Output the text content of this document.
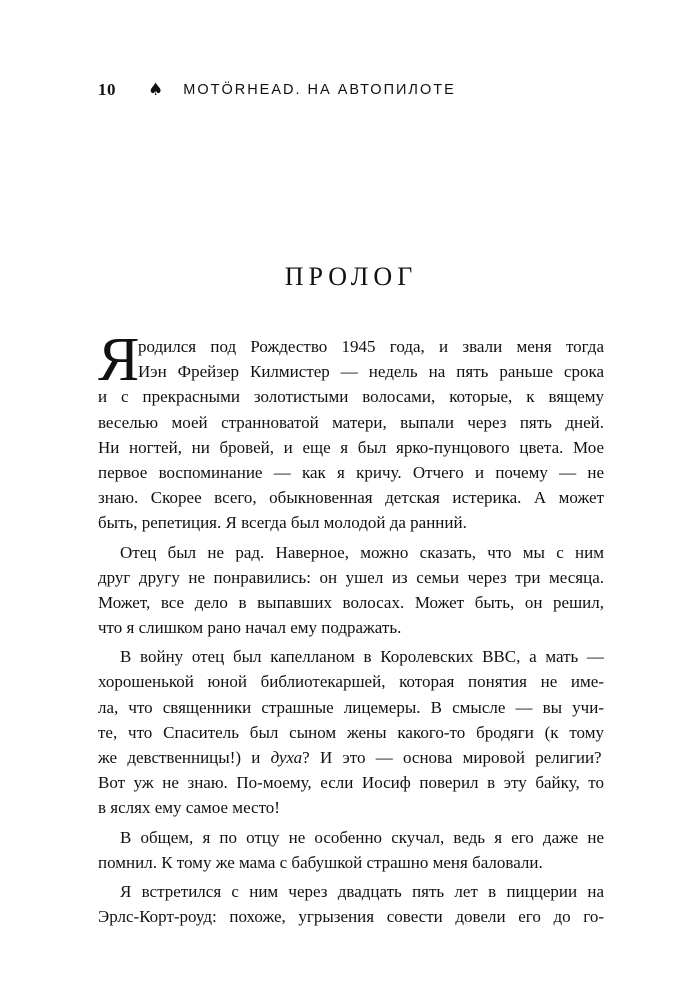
10 ♠ MOTÖRHEAD. НА АВТОПИЛОТЕ
ПРОЛОГ
Я
родился под Рождество 1945 года, и звали меня тогда
Иэн Фрейзер Килмистер — недель на пять раньше срока
и с прекрасными золотистыми волосами, которые, к вящему
веселью моей странноватой матери, выпали через пять дней.
Ни ногтей, ни бровей, и еще я был ярко-пунцового цвета. Мое
первое воспоминание — как я кричу. Отчего и почему — не
знаю. Скорее всего, обыкновенная детская истерика. А может
быть, репетиция. Я всегда был молодой да ранний.
Отец был не рад. Наверное, можно сказать, что мы с ним
друг другу не понравились: он ушел из семьи через три месяца.
Может, все дело в выпавших волосах. Может быть, он решил,
что я слишком рано начал ему подражать.
В войну отец был капелланом в Королевских ВВС, а мать —
хорошенькой юной библиотекаршей, которая понятия не име-
ла, что священники страшные лицемеры. В смысле — вы учи-
те, что Спаситель был сыном жены какого-то бродяги (к тому
же девственницы!) и духа? И это — основа мировой религии?
Вот уж не знаю. По-моему, если Иосиф поверил в эту байку, то
в яслях ему самое место!
В общем, я по отцу не особенно скучал, ведь я его даже не
помнил. К тому же мама с бабушкой страшно меня баловали.
Я встретился с ним через двадцать пять лет в пиццерии на
Эрлс-Корт-роуд: похоже, угрызения совести довели его до го-
